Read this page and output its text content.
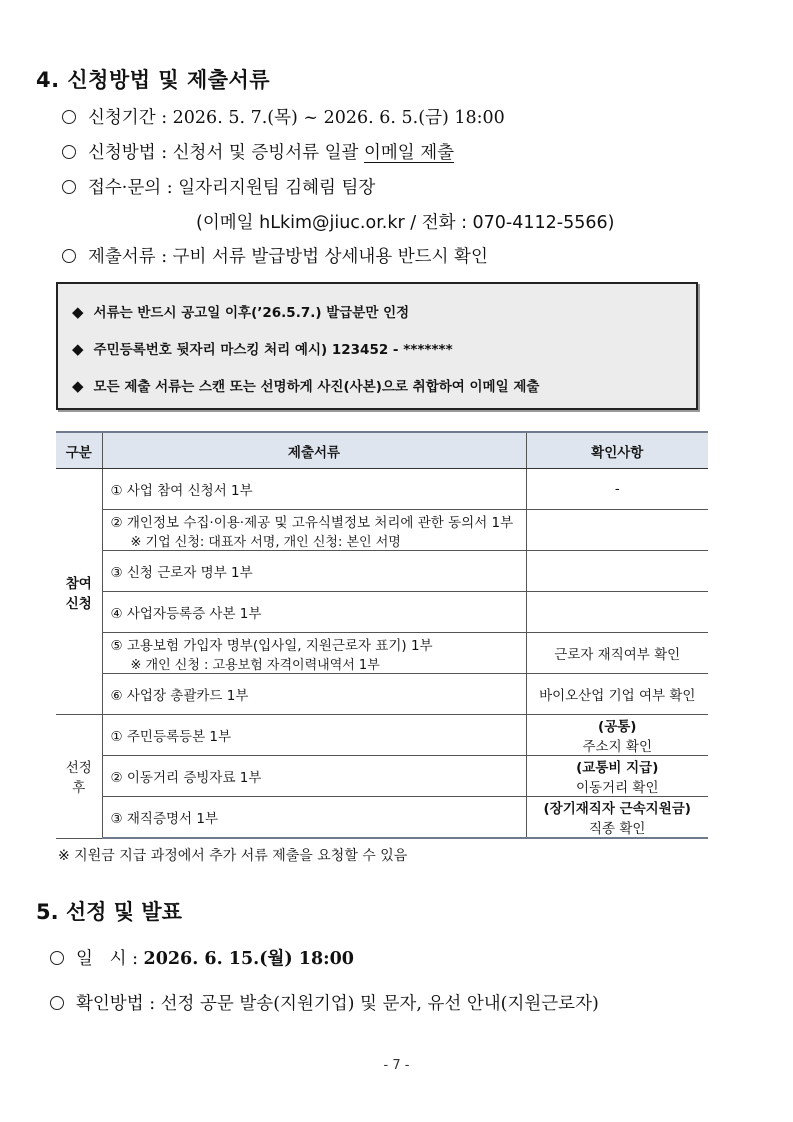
4. 신청방법 및 제출서류
신청기간 : 2026. 5. 7.(목) ~ 2026. 6. 5.(금) 18:00
신청방법 : 신청서 및 증빙서류 일괄 이메일 제출
접수·문의 : 일자리지원팀 김혜림 팀장
(이메일 hLkim@jiuc.or.kr / 전화 : 070-4112-5566)
제출서류 : 구비 서류 발급방법 상세내용 반드시 확인
◆ 서류는 반드시 공고일 이후(’26.5.7.) 발급분만 인정
◆ 주민등록번호 뒷자리 마스킹 처리 예시) 123452 - *******
◆ 모든 제출 서류는 스캔 또는 선명하게 사진(사본)으로 취합하여 이메일 제출
구분	제출서류	확인사항
참여
신청	① 사업 참여 신청서 1부	-
	② 개인정보 수집·이용·제공 및 고유식별정보 처리에 관한 동의서 1부
※ 기업 신청: 대표자 서명, 개인 신청: 본인 서명	

	③ 신청 근로자 명부 1부	
	④ 사업자등록증 사본 1부	
	⑤ 고용보험 가입자 명부(입사일, 지원근로자 표기) 1부
※ 개인 신청 : 고용보험 자격이력내역서 1부	근로자 재직여부 확인
	⑥ 사업장 총괄카드 1부	바이오산업 기업 여부 확인
선정
후	① 주민등록등본 1부	(공통)
주소지 확인
	② 이동거리 증빙자료 1부	(교통비 지급)
이동거리 확인
	③ 재직증명서 1부	(장기재직자 근속지원금)
직종 확인
※ 지원금 지급 과정에서 추가 서류 제출을 요청할 수 있음
5. 선정 및 발표
일   시 : 2026. 6. 15.(월) 18:00
확인방법 : 선정 공문 발송(지원기업) 및 문자, 유선 안내(지원근로자)
- 7 -
